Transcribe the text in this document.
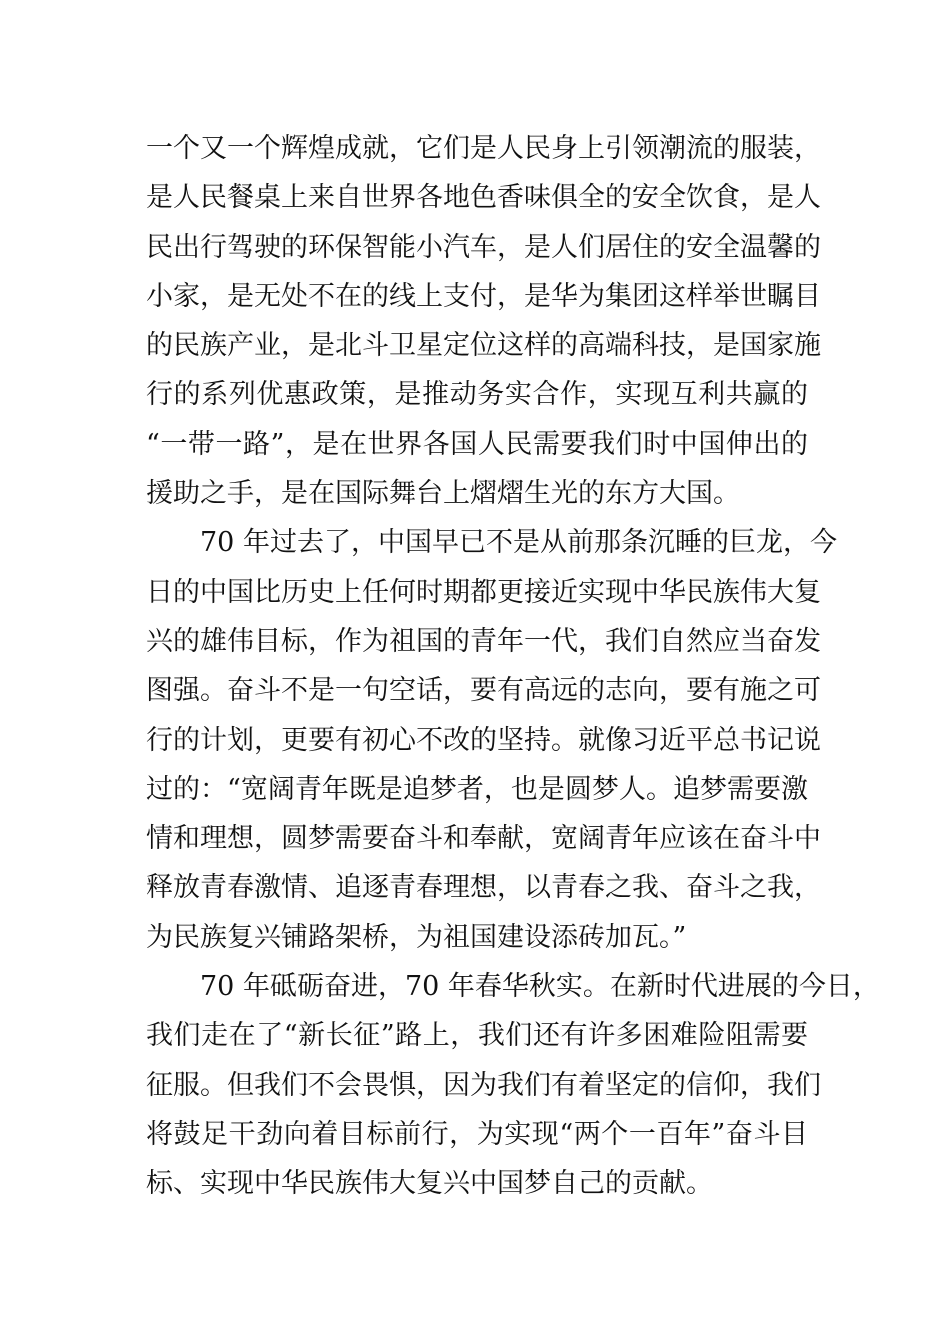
一个又一个辉煌成就，它们是人民身上引领潮流的服装，
是人民餐桌上来自世界各地色香味俱全的安全饮食，是人
民出行驾驶的环保智能小汽车，是人们居住的安全温馨的
小家，是无处不在的线上支付，是华为集团这样举世瞩目
的民族产业，是北斗卫星定位这样的高端科技，是国家施
行的系列优惠政策，是推动务实合作，实现互利共赢的
“一带一路”，是在世界各国人民需要我们时中国伸出的
援助之手，是在国际舞台上熠熠生光的东方大国。
70 年过去了，中国早已不是从前那条沉睡的巨龙，今
日的中国比历史上任何时期都更接近实现中华民族伟大复
兴的雄伟目标，作为祖国的青年一代，我们自然应当奋发
图强。奋斗不是一句空话，要有高远的志向，要有施之可
行的计划，更要有初心不改的坚持。就像习近平总书记说
过的：“宽阔青年既是追梦者，也是圆梦人。追梦需要激
情和理想，圆梦需要奋斗和奉献，宽阔青年应该在奋斗中
释放青春激情、追逐青春理想，以青春之我、奋斗之我，
为民族复兴铺路架桥，为祖国建设添砖加瓦。”
70 年砥砺奋进，70 年春华秋实。在新时代进展的今日，
我们走在了“新长征”路上，我们还有许多困难险阻需要
征服。但我们不会畏惧，因为我们有着坚定的信仰，我们
将鼓足干劲向着目标前行，为实现“两个一百年”奋斗目
标、实现中华民族伟大复兴中国梦自己的贡献。
